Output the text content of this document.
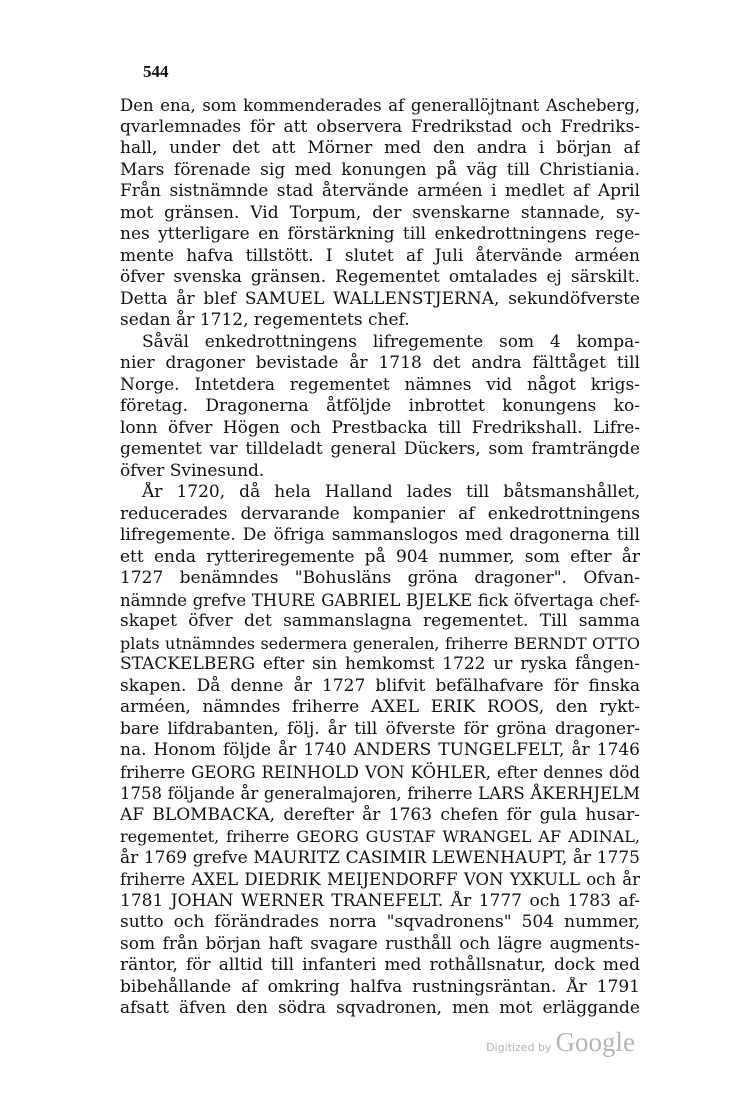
544
Den ena, som kommenderades af generallöjtnant Ascheberg,
qvarlemnades för att observera Fredrikstad och Fredriks-
hall, under det att Mörner med den andra i början af
Mars förenade sig med konungen på väg till Christiania.
Från sistnämnde stad återvände arméen i medlet af April
mot gränsen. Vid Torpum, der svenskarne stannade, sy-
nes ytterligare en förstärkning till enkedrottningens rege-
mente hafva tillstött. I slutet af Juli återvände arméen
öfver svenska gränsen. Regementet omtalades ej särskilt.
Detta år blef SAMUEL WALLENSTJERNA, sekundöfverste
sedan år 1712, regementets chef.
Såväl enkedrottningens lifregemente som 4 kompa-
nier dragoner bevistade år 1718 det andra fälttåget till
Norge. Intetdera regementet nämnes vid något krigs-
företag. Dragonerna åtföljde inbrottet konungens ko-
lonn öfver Högen och Prestbacka till Fredrikshall. Lifre-
gementet var tilldeladt general Dückers, som framträngde
öfver Svinesund.
År 1720, då hela Halland lades till båtsmanshållet,
reducerades dervarande kompanier af enkedrottningens
lifregemente. De öfriga sammanslogos med dragonerna till
ett enda rytteriregemente på 904 nummer, som efter år
1727 benämndes "Bohusläns gröna dragoner". Ofvan-
nämnde grefve THURE GABRIEL BJELKE fick öfvertaga chef-
skapet öfver det sammanslagna regementet. Till samma
plats utnämndes sedermera generalen, friherre BERNDT OTTO
STACKELBERG efter sin hemkomst 1722 ur ryska fången-
skapen. Då denne år 1727 blifvit befälhafvare för finska
arméen, nämndes friherre AXEL ERIK ROOS, den rykt-
bare lifdrabanten, följ. år till öfverste för gröna dragoner-
na. Honom följde år 1740 ANDERS TUNGELFELT, år 1746
friherre GEORG REINHOLD VON KÖHLER, efter dennes död
1758 följande år generalmajoren, friherre LARS ÅKERHJELM
AF BLOMBACKA, derefter år 1763 chefen för gula husar-
regementet, friherre GEORG GUSTAF WRANGEL AF ADINAL,
år 1769 grefve MAURITZ CASIMIR LEWENHAUPT, år 1775
friherre AXEL DIEDRIK MEIJENDORFF VON YXKULL och år
1781 JOHAN WERNER TRANEFELT. År 1777 och 1783 af-
sutto och förändrades norra "sqvadronens" 504 nummer,
som från början haft svagare rusthåll och lägre augments-
räntor, för alltid till infanteri med rothållsnatur, dock med
bibehållande af omkring halfva rustningsräntan. År 1791
afsatt äfven den södra sqvadronen, men mot erläggande
Digitized by Google
